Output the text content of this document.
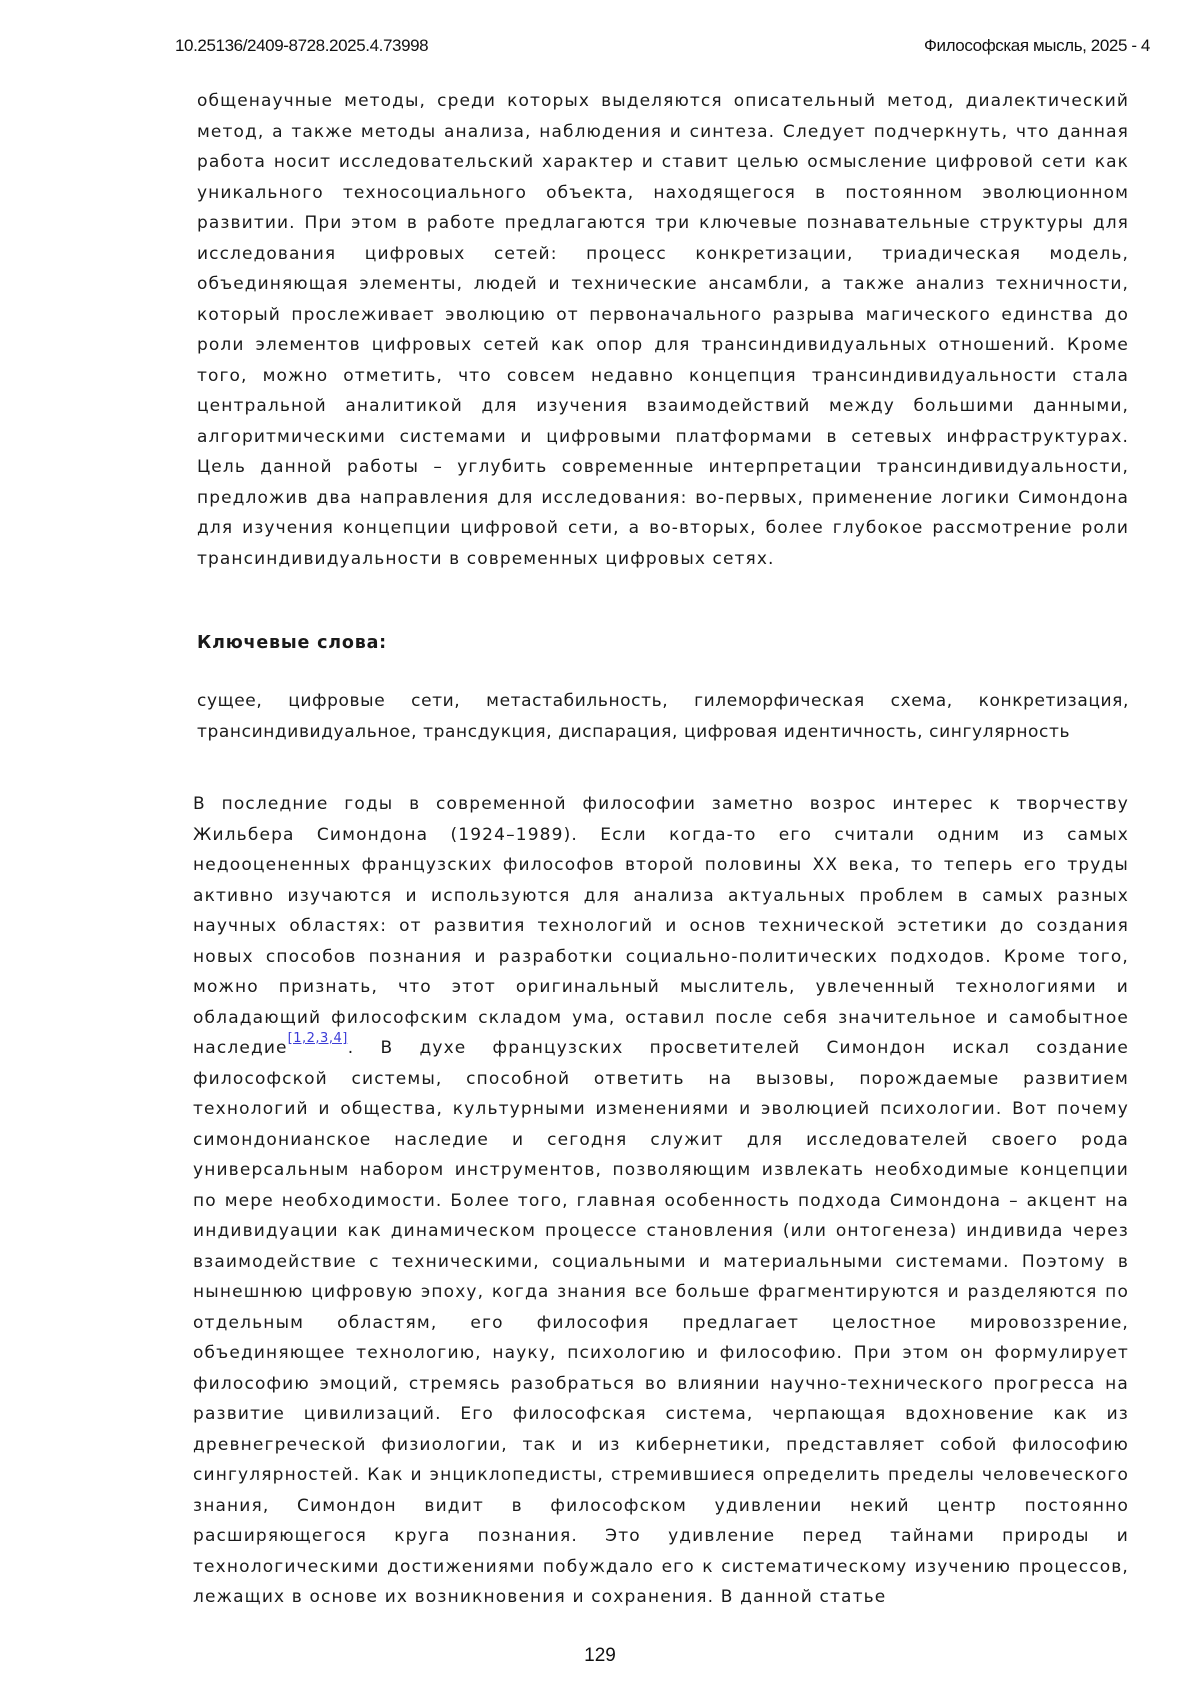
10.25136/2409-8728.2025.4.73998	Философская мысль, 2025 - 4

общенаучные методы, среди которых выделяются описательный метод, диалектический метод, а также методы анализа, наблюдения и синтеза. Следует подчеркнуть, что данная работа носит исследовательский характер и ставит целью осмысление цифровой сети как уникального техносоциального объекта, находящегося в постоянном эволюционном развитии. При этом в работе предлагаются три ключевые познавательные структуры для исследования цифровых сетей: процесс конкретизации, триадическая модель, объединяющая элементы, людей и технические ансамбли, а также анализ техничности, который прослеживает эволюцию от первоначального разрыва магического единства до роли элементов цифровых сетей как опор для трансиндивидуальных отношений. Кроме того, можно отметить, что совсем недавно концепция трансиндивидуальности стала центральной аналитикой для изучения взаимодействий между большими данными, алгоритмическими системами и цифровыми платформами в сетевых инфраструктурах. Цель данной работы – углубить современные интерпретации трансиндивидуальности, предложив два направления для исследования: во-первых, применение логики Симондона для изучения концепции цифровой сети, а во-вторых, более глубокое рассмотрение роли трансиндивидуальности в современных цифровых сетях.

Ключевые слова:

сущее, цифровые сети, метастабильность, гилеморфическая схема, конкретизация, трансиндивидуальное, трансдукция, диспарация, цифровая идентичность, сингулярность

В последние годы в современной философии заметно возрос интерес к творчеству Жильбера Симондона (1924–1989). Если когда-то его считали одним из самых недооцененных французских философов второй половины XX века, то теперь его труды активно изучаются и используются для анализа актуальных проблем в самых разных научных областях: от развития технологий и основ технической эстетики до создания новых способов познания и разработки социально-политических подходов. Кроме того, можно признать, что этот оригинальный мыслитель, увлеченный технологиями и обладающий философским складом ума, оставил после себя значительное и самобытное наследие[1,2,3,4]. В духе французских просветителей Симондон искал создание философской системы, способной ответить на вызовы, порождаемые развитием технологий и общества, культурными изменениями и эволюцией психологии. Вот почему симондонианское наследие и сегодня служит для исследователей своего рода универсальным набором инструментов, позволяющим извлекать необходимые концепции по мере необходимости. Более того, главная особенность подхода Симондона – акцент на индивидуации как динамическом процессе становления (или онтогенеза) индивида через взаимодействие с техническими, социальными и материальными системами. Поэтому в нынешнюю цифровую эпоху, когда знания все больше фрагментируются и разделяются по отдельным областям, его философия предлагает целостное мировоззрение, объединяющее технологию, науку, психологию и философию. При этом он формулирует философию эмоций, стремясь разобраться во влиянии научно-технического прогресса на развитие цивилизаций. Его философская система, черпающая вдохновение как из древнегреческой физиологии, так и из кибернетики, представляет собой философию сингулярностей. Как и энциклопедисты, стремившиеся определить пределы человеческого знания, Симондон видит в философском удивлении некий центр постоянно расширяющегося круга познания. Это удивление перед тайнами природы и технологическими достижениями побуждало его к систематическому изучению процессов, лежащих в основе их возникновения и сохранения. В данной статье

129
